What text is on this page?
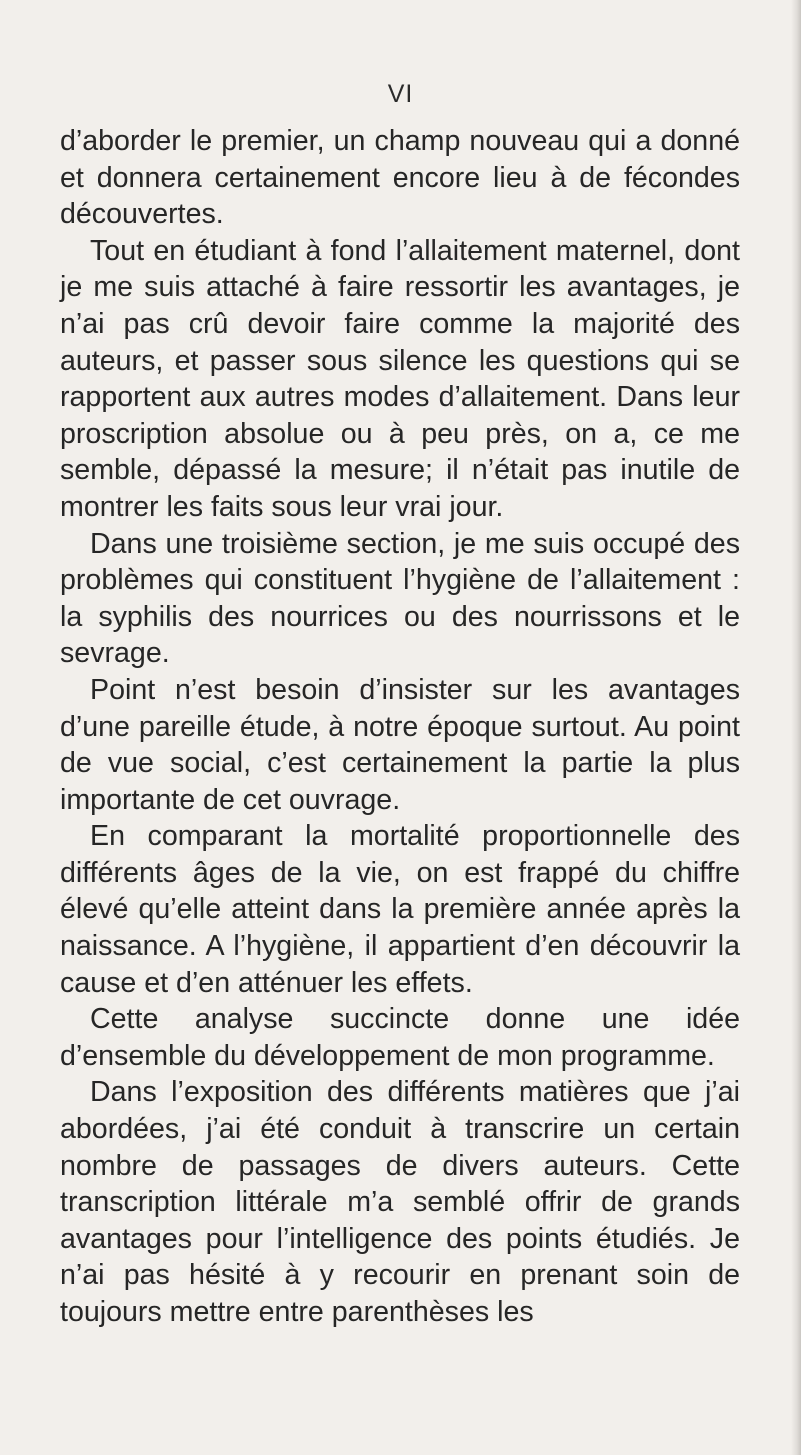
VI

d’aborder le premier, un champ nouveau qui a donné et donnera certainement encore lieu à de fécondes découvertes.

Tout en étudiant à fond l’allaitement maternel, dont je me suis attaché à faire ressortir les avantages, je n’ai pas crû devoir faire comme la majorité des auteurs, et passer sous silence les questions qui se rapportent aux autres modes d’allaitement. Dans leur proscription absolue ou à peu près, on a, ce me semble, dépassé la mesure; il n’était pas inutile de montrer les faits sous leur vrai jour.

Dans une troisième section, je me suis occupé des problèmes qui constituent l’hygiène de l’allaitement : la syphilis des nourrices ou des nourrissons et le sevrage.

Point n’est besoin d’insister sur les avantages d’une pareille étude, à notre époque surtout. Au point de vue social, c’est certainement la partie la plus importante de cet ouvrage.

En comparant la mortalité proportionnelle des différents âges de la vie, on est frappé du chiffre élevé qu’elle atteint dans la première année après la naissance. A l’hygiène, il appartient d’en découvrir la cause et d’en atténuer les effets.

Cette analyse succincte donne une idée d’ensemble du développement de mon programme.

Dans l’exposition des différents matières que j’ai abordées, j’ai été conduit à transcrire un certain nombre de passages de divers auteurs. Cette transcription littérale m’a semblé offrir de grands avantages pour l’intelligence des points étudiés. Je n’ai pas hésité à y recourir en prenant soin de toujours mettre entre parenthèses les
